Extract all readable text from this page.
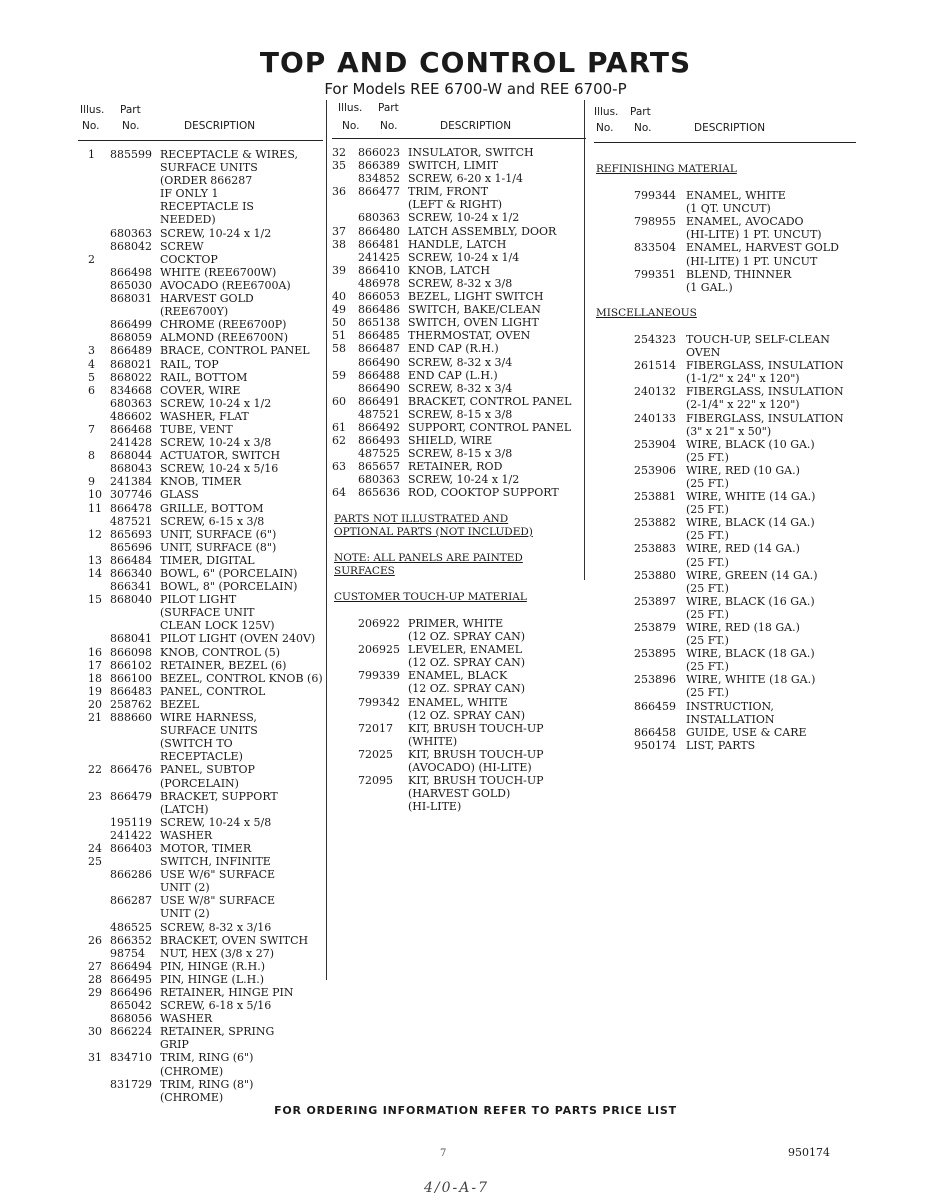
TOP AND CONTROL PARTS

For Models REE 6700-W and REE 6700-P

Illus. Part
No. No.	DESCRIPTION
1	885599 RECEPTACLE & WIRES,
SURFACE UNITS
(ORDER 866287
IF ONLY 1
RECEPTACLE IS
NEEDED)
680363 SCREW, 10-24 x 1/2
868042 SCREW
2	COCKTOP
866498 WHITE (REE6700W)
865030 AVOCADO (REE6700A)
868031 HARVEST GOLD
(REE6700Y)
866499 CHROME (REE6700P)
868059 ALMOND (REE6700N)
3	866489 BRACE, CONTROL PANEL
4	868021 RAIL, TOP
5	868022 RAIL, BOTTOM
6	834668 COVER, WIRE
680363 SCREW, 10-24 x 1/2
486602 WASHER, FLAT
7	866468 TUBE, VENT
241428 SCREW, 10-24 x 3/8
8	868044 ACTUATOR, SWITCH
868043 SCREW, 10-24 x 5/16
9	241384 KNOB, TIMER
10 307746 GLASS
11 866478 GRILLE, BOTTOM
487521 SCREW, 6-15 x 3/8
12 865693 UNIT, SURFACE (6")
865696 UNIT, SURFACE (8")
13 866484 TIMER, DIGITAL
14 866340 BOWL, 6" (PORCELAIN)
866341 BOWL, 8" (PORCELAIN)
15 868040 PILOT LIGHT
(SURFACE UNIT
CLEAN LOCK 125V)
868041 PILOT LIGHT (OVEN 240V)
16 866098 KNOB, CONTROL (5)
17 866102 RETAINER, BEZEL (6)
18 866100 BEZEL, CONTROL KNOB (6)
19 866483 PANEL, CONTROL
20 258762 BEZEL
21 888660 WIRE HARNESS,
SURFACE UNITS
(SWITCH TO
RECEPTACLE)
22 866476 PANEL, SUBTOP
(PORCELAIN)
23 866479 BRACKET, SUPPORT (LATCH)
195119 SCREW, 10-24 x 5/8
241422 WASHER
24 866403 MOTOR, TIMER
25	SWITCH, INFINITE
866286 USE W/6" SURFACE
UNIT (2)
866287 USE W/8" SURFACE
UNIT (2)
486525 SCREW, 8-32 x 3/16
26 866352 BRACKET, OVEN SWITCH
98754	NUT, HEX (3/8 x 27)
27 866494 PIN, HINGE (R.H.)
28 866495 PIN, HINGE (L.H.)
29 866496 RETAINER, HINGE PIN
865042 SCREW, 6-18 x 5/16
868056 WASHER
30 866224 RETAINER, SPRING
GRIP
31 834710 TRIM, RING (6")
(CHROME)
831729 TRIM, RING (8")
(CHROME)
Illus. Part
No. No.	DESCRIPTION
32	866023 INSULATOR, SWITCH
35	866389 SWITCH, LIMIT
834852 SCREW, 6-20 x 1-1/4
36	866477 TRIM, FRONT
(LEFT & RIGHT)
680363 SCREW, 10-24 x 1/2
37	866480 LATCH ASSEMBLY, DOOR
38	866481 HANDLE, LATCH
241425 SCREW, 10-24 x 1/4
39	866410 KNOB, LATCH
486978 SCREW, 8-32 x 3/8
40	866053 BEZEL, LIGHT SWITCH
49	866486 SWITCH, BAKE/CLEAN
50	865138 SWITCH, OVEN LIGHT
51	866485 THERMOSTAT, OVEN
58	866487 END CAP (R.H.)
866490 SCREW, 8-32 x 3/4
59	866488 END CAP (L.H.)
866490 SCREW, 8-32 x 3/4
60	866491 BRACKET, CONTROL PANEL
487521 SCREW, 8-15 x 3/8
61	866492 SUPPORT, CONTROL PANEL
62	866493 SHIELD, WIRE
487525 SCREW, 8-15 x 3/8
63	865657 RETAINER, ROD
680363 SCREW, 10-24 x 1/2
64	865636 ROD, COOKTOP SUPPORT
PARTS NOT ILLUSTRATED AND
OPTIONAL PARTS (NOT INCLUDED)
NOTE: ALL PANELS ARE PAINTED SURFACES
CUSTOMER TOUCH-UP MATERIAL
206922 PRIMER, WHITE
(12 OZ. SPRAY CAN)
206925 LEVELER, ENAMEL
(12 OZ. SPRAY CAN)
799339 ENAMEL, BLACK
(12 OZ. SPRAY CAN)
799342 ENAMEL, WHITE
(12 OZ. SPRAY CAN)
72017	KIT, BRUSH TOUCH-UP
(WHITE)
72025	KIT, BRUSH TOUCH-UP
(AVOCADO) (HI-LITE)
72095	KIT, BRUSH TOUCH-UP
(HARVEST GOLD)
(HI-LITE)
Illus. Part
No. No.	DESCRIPTION
REFINISHING MATERIAL
799344 ENAMEL, WHITE
(1 QT. UNCUT)
798955 ENAMEL, AVOCADO
(HI-LITE) 1 PT. UNCUT)
833504 ENAMEL, HARVEST GOLD
(HI-LITE) 1 PT. UNCUT
799351 BLEND, THINNER
(1 GAL.)
MISCELLANEOUS
254323 TOUCH-UP, SELF-CLEAN
OVEN
261514 FIBERGLASS, INSULATION
(1-1/2" x 24" x 120")
240132 FIBERGLASS, INSULATION
(2-1/4" x 22" x 120")
240133 FIBERGLASS, INSULATION
(3" x 21" x 50")
253904 WIRE, BLACK (10 GA.)
(25 FT.)
253906 WIRE, RED (10 GA.)
(25 FT.)
253881 WIRE, WHITE (14 GA.)
(25 FT.)
253882 WIRE, BLACK (14 GA.)
(25 FT.)
253883 WIRE, RED (14 GA.)
(25 FT.)
253880 WIRE, GREEN (14 GA.)
(25 FT.)
253897 WIRE, BLACK (16 GA.)
(25 FT.)
253879 WIRE, RED (18 GA.)
(25 FT.)
253895 WIRE, BLACK (18 GA.)
(25 FT.)
253896 WIRE, WHITE (18 GA.)
(25 FT.)
866459 INSTRUCTION, INSTALLATION
866458 GUIDE, USE & CARE
950174 LIST, PARTS

FOR ORDERING INFORMATION REFER TO PARTS PRICE LIST

7	950174
4/0-A-7
